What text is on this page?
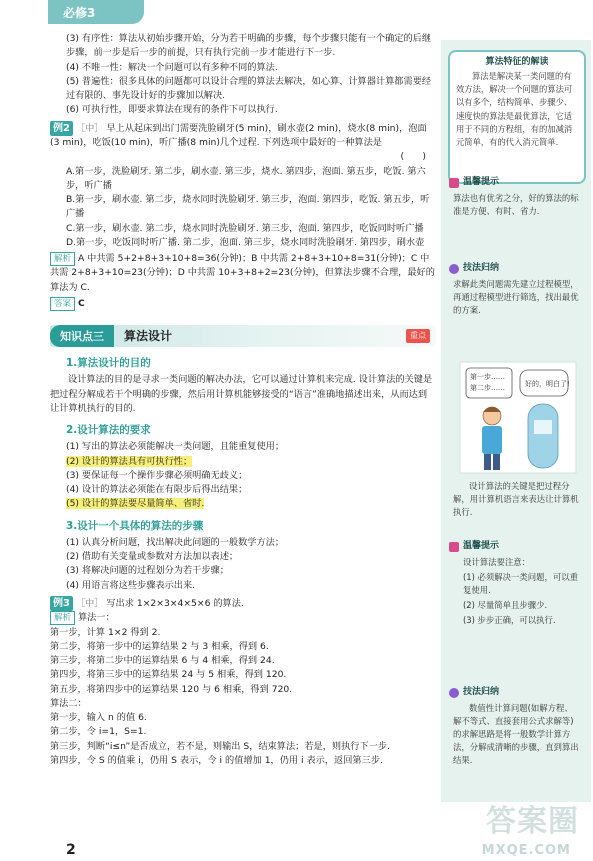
必修3
算法特征的解读
算法是解决某一类问题的有效方法，解决一个问题的算法可以有多个，结构简单、步骤少、速度快的算法是最优算法，它适用于不同的方程组，有的加减消元简单，有的代入消元简单.
温馨提示
算法也有优劣之分，好的算法的标准是方便、有时、省力.
技法归纳
求解此类问题需先建立过程模型，再通过程模型进行筛选，找出最优的方案.
第一步……
第二步……	好的，明白了!
设计算法的关键是把过程分解，用计算机语言来表达让计算机执行.
温馨提示
设计算法要注意：
(1) 必须解决一类问题，可以重复使用.
(2) 尽量简单且步骤少.
(3) 步步正确，可以执行.
技法归纳
数值性计算问题(如解方程、解不等式、直接套用公式求解等)的求解思路是将一般数学计算方法，分解成清晰的步骤，直到算出结果.
(3) 有序性：算法从初始步骤开始，分为若干明确的步骤，每个步骤只能有一个确定的后继步骤，前一步是后一步的前提，只有执行完前一步才能进行下一步.
(4) 不唯一性：解决一个问题可以有多种不同的算法.
(5) 普遍性：很多具体的问题都可以设计合理的算法去解决，如心算、计算器计算都需要经过有限的、事先设计好的步骤加以解决.
(6) 可执行性，即要求算法在现有的条件下可以执行.
例2 ［中］ 早上从起床到出门需要洗脸刷牙(5 min)，刷水壶(2 min)，烧水(8 min)，泡面(3 min)，吃饭(10 min)，听广播(8 min)几个过程. 下列选项中最好的一种算法是
(　　)
A.第一步，洗脸刷牙. 第二步，刷水壶. 第三步，烧水. 第四步，泡面. 第五步，吃饭. 第六步，听广播
B.第一步，刷水壶. 第二步，烧水同时洗脸刷牙. 第三步，泡面. 第四步，吃饭. 第五步，听广播
C.第一步，刷水壶. 第二步，烧水同时洗脸刷牙. 第三步，泡面. 第四步，吃饭同时听广播
D.第一步，吃饭同时听广播. 第二步，泡面. 第三步，烧水同时洗脸刷牙. 第四步，刷水壶
解析 A 中共需 5+2+8+3+10+8=36(分钟)；B 中共需 2+8+3+10+8=31(分钟)；C 中共需 2+8+3+10=23(分钟)；D 中共需 10+3+8+2=23(分钟)，但算法步骤不合理，最好的算法为 C.
答案 C
知识点三	算法设计	重点
1.算法设计的目的
设计算法的目的是寻求一类问题的解决办法，它可以通过计算机来完成. 设计算法的关键是把过程分解成若干个明确的步骤，然后用计算机能够接受的“语言”准确地描述出来，从而达到让计算机执行的目的.
2.设计算法的要求
(1) 写出的算法必须能解决一类问题，且能重复使用；
(2) 设计的算法具有可执行性；
(3) 要保证每一个操作步骤必须明确无歧义；
(4) 设计的算法必须能在有限步后得出结果；
(5) 设计的算法要尽量简单、省时.
3.设计一个具体的算法的步骤
(1) 认真分析问题，找出解决此问题的一般数学方法；
(2) 借助有关变量或参数对方法加以表述；
(3) 将解决问题的过程划分为若干步骤；
(4) 用语言将这些步骤表示出来.
例3 ［中］ 写出求 1×2×3×4×5×6 的算法.
解析 算法一：
第一步，计算 1×2 得到 2.
第二步，将第一步中的运算结果 2 与 3 相乘，得到 6.
第三步，将第二步中的运算结果 6 与 4 相乘，得到 24.
第四步，将第三步中的运算结果 24 与 5 相乘，得到 120.
第五步，将第四步中的运算结果 120 与 6 相乘，得到 720.
算法二：
第一步，输入 n 的值 6.
第二步，令 i=1，S=1.
第三步，判断“i≤n”是否成立，若不是，则输出 S，结束算法；若是，则执行下一步.
第四步，令 S 的值乘 i，仍用 S 表示，令 i 的值增加 1，仍用 i 表示，返回第三步.
2
答案圈
MXQE.COM
